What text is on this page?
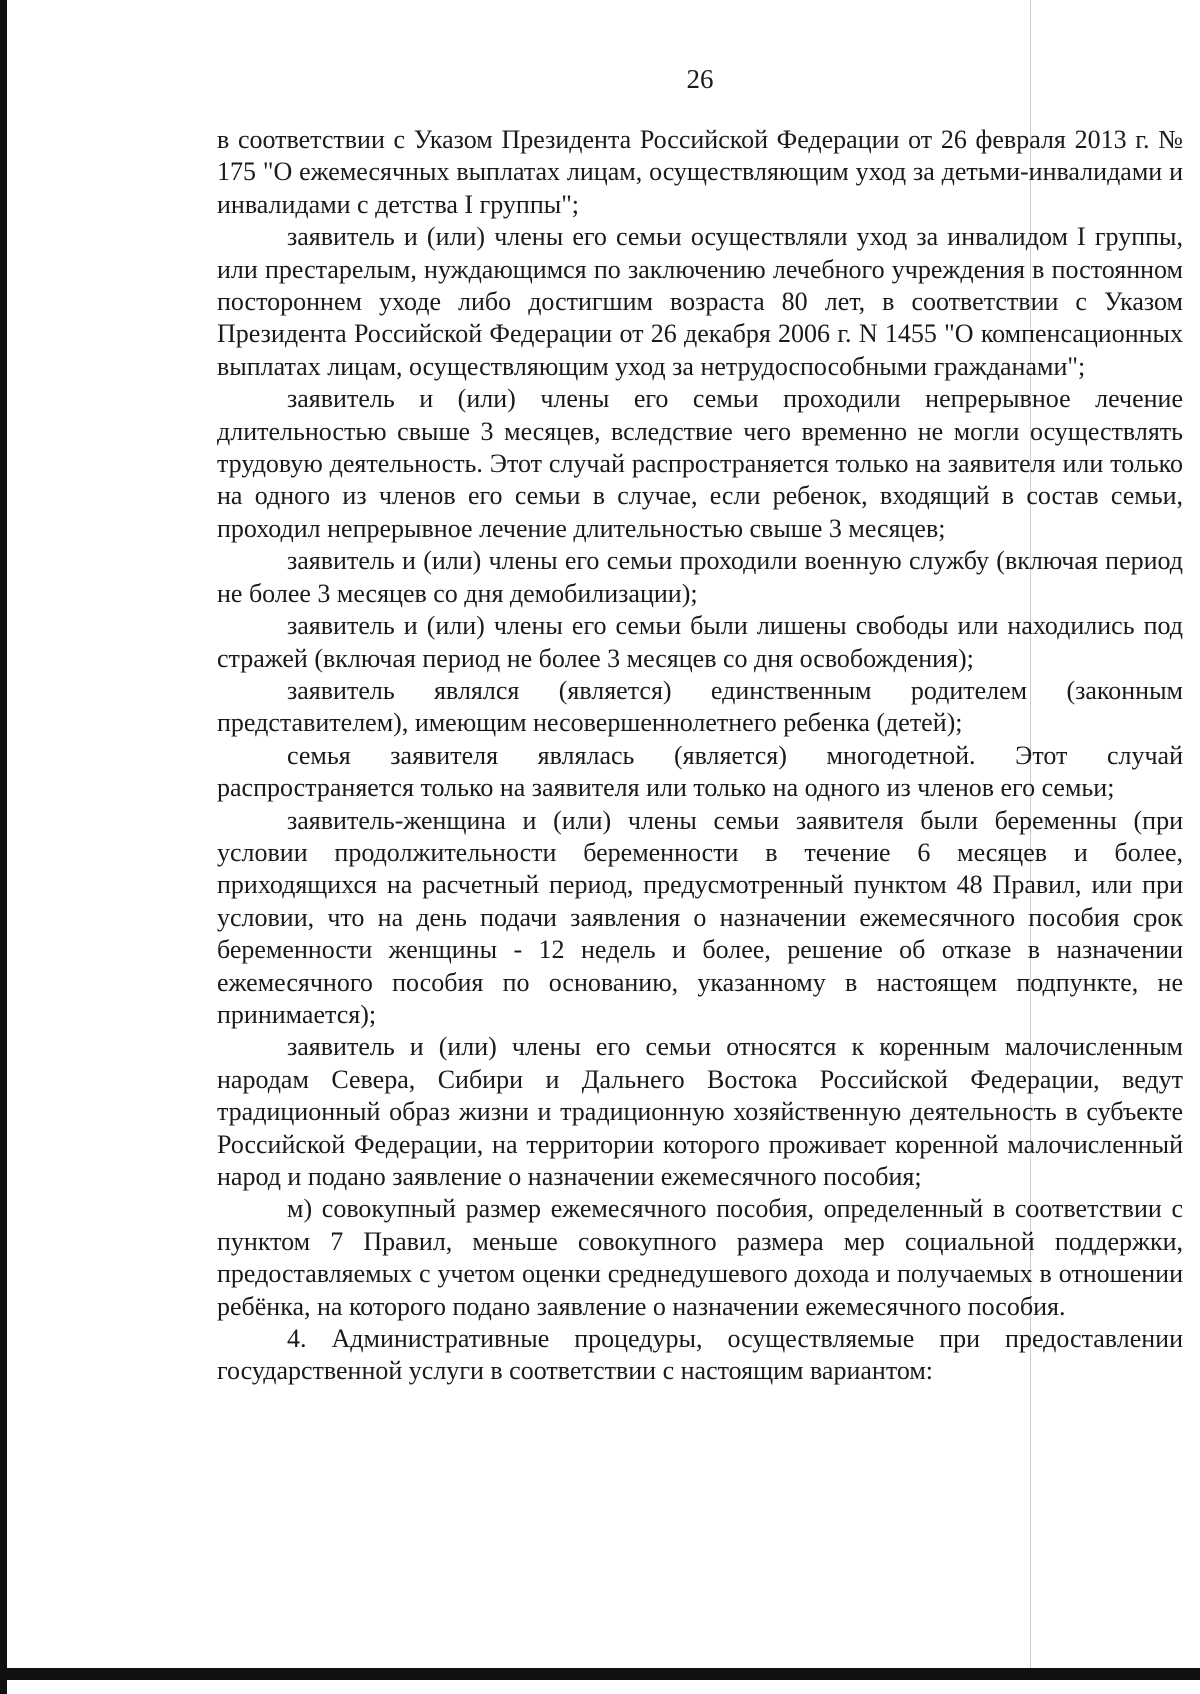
26

в соответствии с Указом Президента Российской Федерации от 26 февраля 2013 г. № 175 "О ежемесячных выплатах лицам, осуществляющим уход за детьми-инвалидами и инвалидами с детства I группы";

заявитель и (или) члены его семьи осуществляли уход за инвалидом I группы, или престарелым, нуждающимся по заключению лечебного учреждения в постоянном постороннем уходе либо достигшим возраста 80 лет, в соответствии с Указом Президента Российской Федерации от 26 декабря 2006 г. N 1455 "О компенсационных выплатах лицам, осуществляющим уход за нетрудоспособными гражданами";

заявитель и (или) члены его семьи проходили непрерывное лечение длительностью свыше 3 месяцев, вследствие чего временно не могли осуществлять трудовую деятельность. Этот случай распространяется только на заявителя или только на одного из членов его семьи в случае, если ребенок, входящий в состав семьи, проходил непрерывное лечение длительностью свыше 3 месяцев;

заявитель и (или) члены его семьи проходили военную службу (включая период не более 3 месяцев со дня демобилизации);

заявитель и (или) члены его семьи были лишены свободы или находились под стражей (включая период не более 3 месяцев со дня освобождения);

заявитель являлся (является) единственным родителем (законным представителем), имеющим несовершеннолетнего ребенка (детей);

семья заявителя являлась (является) многодетной. Этот случай распространяется только на заявителя или только на одного из членов его семьи;

заявитель-женщина и (или) члены семьи заявителя были беременны (при условии продолжительности беременности в течение 6 месяцев и более, приходящихся на расчетный период, предусмотренный пунктом 48 Правил, или при условии, что на день подачи заявления о назначении ежемесячного пособия срок беременности женщины - 12 недель и более, решение об отказе в назначении ежемесячного пособия по основанию, указанному в настоящем подпункте, не принимается);

заявитель и (или) члены его семьи относятся к коренным малочисленным народам Севера, Сибири и Дальнего Востока Российской Федерации, ведут традиционный образ жизни и традиционную хозяйственную деятельность в субъекте Российской Федерации, на территории которого проживает коренной малочисленный народ и подано заявление о назначении ежемесячного пособия;

м) совокупный размер ежемесячного пособия, определенный в соответствии с пунктом 7 Правил, меньше совокупного размера мер социальной поддержки, предоставляемых с учетом оценки среднедушевого дохода и получаемых в отношении ребёнка, на которого подано заявление о назначении ежемесячного пособия.

4. Административные процедуры, осуществляемые при предоставлении государственной услуги в соответствии с настоящим вариантом:
